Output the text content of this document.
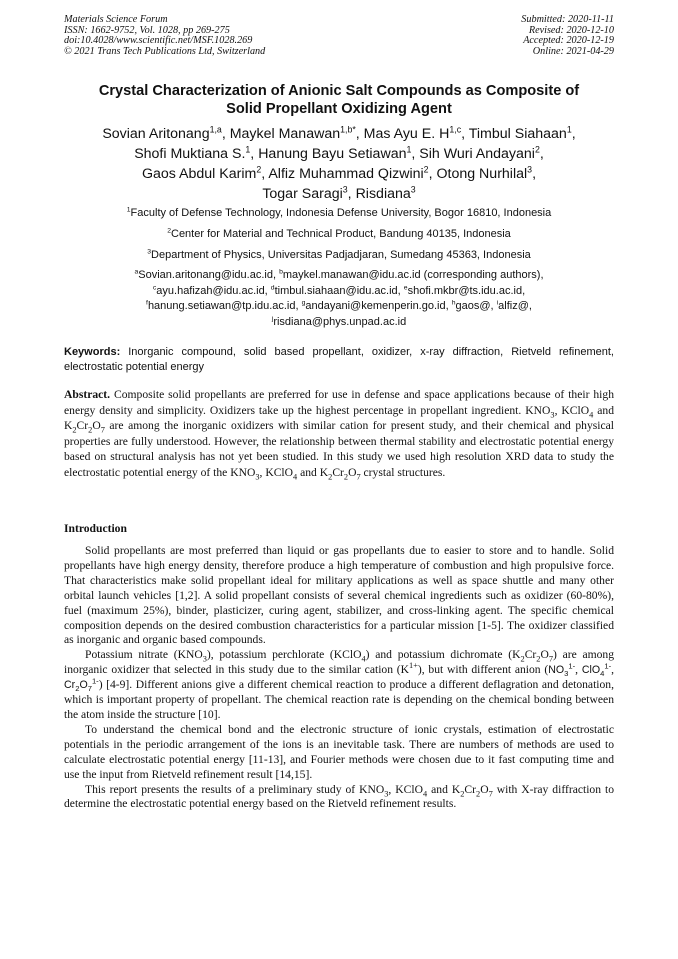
Materials Science Forum
ISSN: 1662-9752, Vol. 1028, pp 269-275
doi:10.4028/www.scientific.net/MSF.1028.269
© 2021 Trans Tech Publications Ltd, Switzerland
Submitted: 2020-11-11
Revised: 2020-12-10
Accepted: 2020-12-19
Online: 2021-04-29
Crystal Characterization of Anionic Salt Compounds as Composite of
Solid Propellant Oxidizing Agent
Sovian Aritonang$^{1,a}$, Maykel Manawan$^{1,b*}$, Mas Ayu E. H$^{1,c}$, Timbul Siahaan$^1$,
Shofi Muktiana S.$^1$, Hanung Bayu Setiawan$^1$, Sih Wuri Andayani$^2$,
Gaos Abdul Karim$^2$, Alfiz Muhammad Qizwini$^2$, Otong Nurhilal$^3$,
Togar Saragi$^3$, Risdiana$^3$
$^1$Faculty of Defense Technology, Indonesia Defense University, Bogor 16810, Indonesia
$^2$Center for Material and Technical Product, Bandung 40135, Indonesia
$^3$Department of Physics, Universitas Padjadjaran, Sumedang 45363, Indonesia
$^a$Sovian.aritonang@idu.ac.id, $^b$maykel.manawan@idu.ac.id (corresponding authors),
$^c$ayu.hafizah@idu.ac.id, $^d$timbul.siahaan@idu.ac.id, $^e$shofi.mkbr@ts.idu.ac.id,
$^f$hanung.setiawan@tp.idu.ac.id, $^g$andayani@kemenperin.go.id, $^h$gaos@, $^i$alfiz@,
$^j$risdiana@phys.unpad.ac.id
Keywords: Inorganic compound, solid based propellant, oxidizer, x-ray diffraction, Rietveld refinement, electrostatic potential energy
Abstract. Composite solid propellants are preferred for use in defense and space applications because of their high energy density and simplicity. Oxidizers take up the highest percentage in propellant ingredient. $KNO_3$, KClO$_4$ and $K_2Cr_2O_7$ are among the inorganic oxidizers with similar cation for present study, and their chemical and physical properties are fully understood. However, the relationship between thermal stability and electrostatic potential energy based on structural analysis has not yet been studied. In this study we used high resolution XRD data to study the electrostatic potential energy of the $KNO_3$, KClO$_4$ and $K_2Cr_2O_7$ crystal structures.
Introduction

Solid propellants are most preferred than liquid or gas propellants due to easier to store and to handle. Solid propellants have high energy density, therefore produce a high temperature of combustion and high propulsive force. That characteristics make solid propellant ideal for military applications as well as space shuttle and many other orbital launch vehicles [1,2]. A solid propellant consists of several chemical ingredients such as oxidizer (60-80%), fuel (maximum 25%), binder, plasticizer, curing agent, stabilizer, and cross-linking agent. The specific chemical composition depends on the desired combustion characteristics for a particular mission [1-5]. The oxidizer classified as inorganic and organic based compounds.

Potassium nitrate $(KNO_3)$, potassium perchlorate (KClO$_4$) and potassium dichromate $(K_2Cr_2O_7)$ are among inorganic oxidizer that selected in this study due to the similar cation $(K^{1+})$, but with different anion ($NO_3^{1-}$, ClO$_4^{1-}$, $Cr_2O_7^{1-}$) [4-9]. Different anions give a different chemical reaction to produce a different deflagration and detonation, which is important property of propellant. The chemical reaction rate is depending on the chemical bonding between the atom inside the structure [10].

To understand the chemical bond and the electronic structure of ionic crystals, estimation of electrostatic potentials in the periodic arrangement of the ions is an inevitable task. There are numbers of methods are used to calculate electrostatic potential energy [11-13], and Fourier methods were chosen due to it fast computing time and use the input from Rietveld refinement result [14,15].

This report presents the results of a preliminary study of $KNO_3$, KClO$_4$ and $K_2Cr_2O_7$ with X-ray diffraction to determine the electrostatic potential energy based on the Rietveld refinement results.
